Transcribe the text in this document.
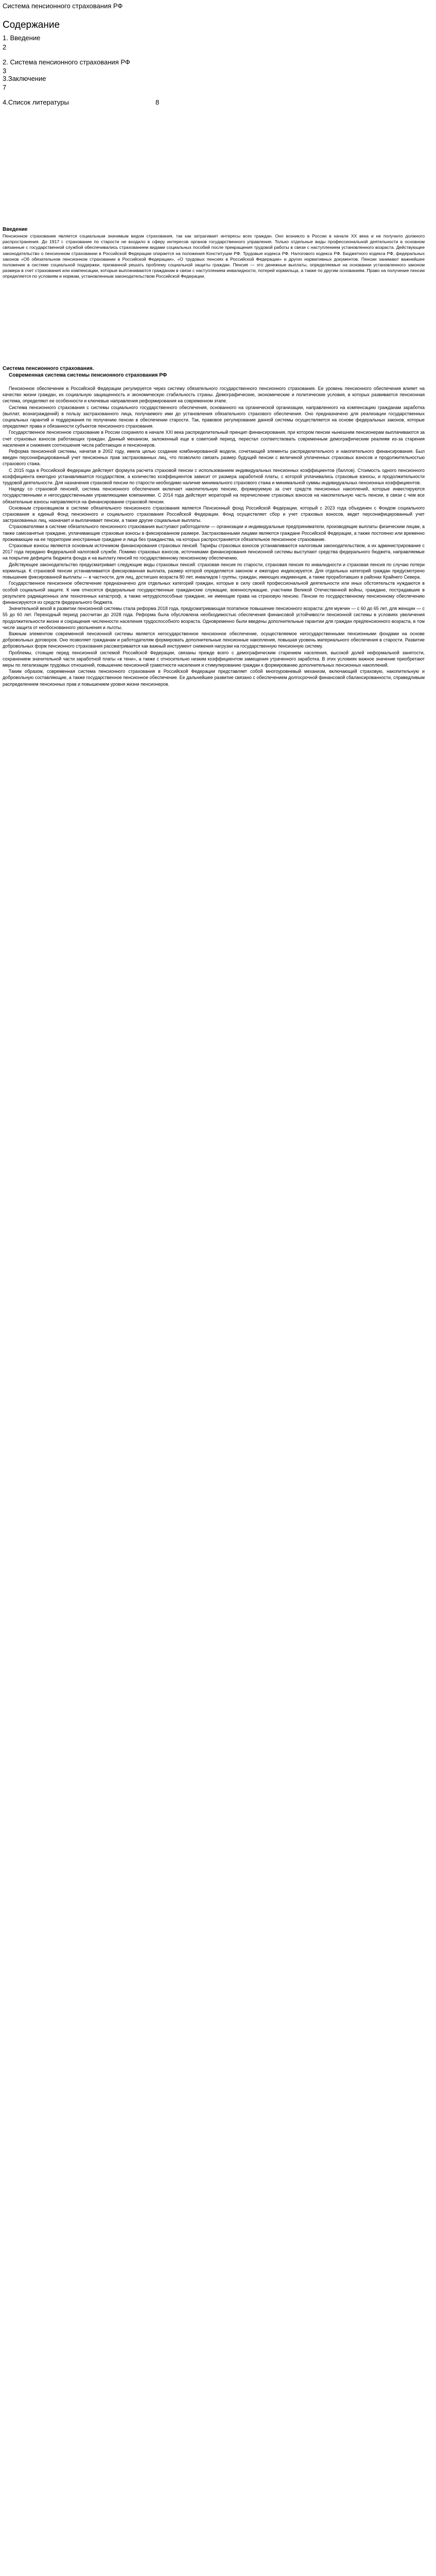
Система пенсионного страхования РФ
Содержание
1. Введение
2
2. Система пенсионного страхования РФ
3
3.Заключение
7
4.Список литературы	8

Введение

Пенсионное страхование является социальным значимым видом страхования, так как затрагивает интересы всех граждан. Оно возникло в России в начале XX века и не получило должного распространения. До 1917 г. страхование по старости не входило в сферу интересов органов государственного управления. Только отдельные виды профессиональной деятельности в основном связанные с государственной службой обеспечивались страхованием видами социальных пособий после прекращения трудовой работы в связи с наступлением установленного возраста. Действующее законодательство о пенсионном страховании в Российской Федерации опирается на положения Конституции РФ. Трудовые кодекса РФ. Налогового кодекса РФ. Бюджетного кодекса РФ, федеральных законов «Об обязательном пенсионном страховании в Российской Федерации», «О трудовых пенсиях в Российской Федерации» и других нормативных документов. Пенсии занимают важнейшее положение в системе социальной поддержки, призванной решать проблему социальной защиты граждан. Пенсия — это денежные выплаты, определяемые на основании установленного законом размера в счет страхования или компенсации, которые выплачиваются гражданам в связи с наступлением инвалидности, потерей кормильца, а также по другим основаниям. Право на получение пенсии определяется по условиям и нормам, установленным законодательством Российской Федерации.

Система пенсионного страхования.

Современная система системы пенсионного страхования РФ

Пенсионное обеспечение в Российской Федерации регулируется через систему обязательного государственного пенсионного страхования. Ее уровень пенсионного обеспечения влияет на качество жизни граждан, их социальную защищенность и экономическую стабильность страны. Демографические, экономические и политические условия, в которых развивается пенсионная система, определяют ее особенности и ключевые направления реформирования на современном этапе.

Система пенсионного страхования с системы социального государственного обеспечения, основанного на органической организации, направленного на компенсацию гражданам заработка (выплат, вознаграждений) в пользу застрахованного лица, получаемого ими до установления обязательного страхового обеспечения. Оно предназначено для реализации государственных социальных гарантий и поддержания по получению пенсии в обеспечении старости. Так, правовое регулирование данной системы осуществляется на основе федеральных законов, которые определяют права и обязанности субъектов пенсионного страхования.

Государственное пенсионное страхование в России сохраняло в начале XXI века распределительный принцип финансирования, при котором пенсии нынешним пенсионерам выплачиваются за счет страховых взносов работающих граждан. Данный механизм, заложенный еще в советский период, перестал соответствовать современным демографическим реалиям из-за старения населения и снижения соотношения числа работающих и пенсионеров.

Реформа пенсионной системы, начатая в 2002 году, имела целью создание комбинированной модели, сочетающей элементы распределительного и накопительного финансирования. Был введен персонифицированный учет пенсионных прав застрахованных лиц, что позволило связать размер будущей пенсии с величиной уплаченных страховых взносов и продолжительностью страхового стажа.

С 2015 года в Российской Федерации действует формула расчета страховой пенсии с использованием индивидуальных пенсионных коэффициентов (баллов). Стоимость одного пенсионного коэффициента ежегодно устанавливается государством, а количество коэффициентов зависит от размера заработной платы, с которой уплачивались страховые взносы, и продолжительности трудовой деятельности. Для назначения страховой пенсии по старости необходимо наличие минимального страхового стажа и минимальной суммы индивидуальных пенсионных коэффициентов.

Наряду со страховой пенсией, система пенсионного обеспечения включает накопительную пенсию, формируемую за счет средств пенсионных накоплений, которые инвестируются государственными и негосударственными управляющими компаниями. С 2014 года действует мораторий на перечисление страховых взносов на накопительную часть пенсии, в связи с чем все обязательные взносы направляются на финансирование страховой пенсии.

Основным страховщиком в системе обязательного пенсионного страхования является Пенсионный фонд Российской Федерации, который с 2023 года объединен с Фондом социального страхования в единый Фонд пенсионного и социального страхования Российской Федерации. Фонд осуществляет сбор и учет страховых взносов, ведет персонифицированный учет застрахованных лиц, назначает и выплачивает пенсии, а также другие социальные выплаты.

Страхователями в системе обязательного пенсионного страхования выступают работодатели — организации и индивидуальные предприниматели, производящие выплаты физическим лицам, а также самозанятые граждане, уплачивающие страховые взносы в фиксированном размере. Застрахованными лицами являются граждане Российской Федерации, а также постоянно или временно проживающие на ее территории иностранные граждане и лица без гражданства, на которых распространяется обязательное пенсионное страхование.

Страховые взносы являются основным источником финансирования страховых пенсий. Тарифы страховых взносов устанавливаются налоговым законодательством, а их администрирование с 2017 года передано Федеральной налоговой службе. Помимо страховых взносов, источниками финансирования пенсионной системы выступают средства федерального бюджета, направляемые на покрытие дефицита бюджета фонда и на выплату пенсий по государственному пенсионному обеспечению.

Действующее законодательство предусматривает следующие виды страховых пенсий: страховая пенсия по старости, страховая пенсия по инвалидности и страховая пенсия по случаю потери кормильца. К страховой пенсии устанавливается фиксированная выплата, размер которой определяется законом и ежегодно индексируется. Для отдельных категорий граждан предусмотрено повышение фиксированной выплаты — в частности, для лиц, достигших возраста 80 лет, инвалидов I группы, граждан, имеющих иждивенцев, а также проработавших в районах Крайнего Севера.

Государственное пенсионное обеспечение предназначено для отдельных категорий граждан, которые в силу своей профессиональной деятельности или иных обстоятельств нуждаются в особой социальной защите. К ним относятся федеральные государственные гражданские служащие, военнослужащие, участники Великой Отечественной войны, граждане, пострадавшие в результате радиационных или техногенных катастроф, а также нетрудоспособные граждане, не имеющие права на страховую пенсию. Пенсии по государственному пенсионному обеспечению финансируются из средств федерального бюджета.

Значительной вехой в развитии пенсионной системы стала реформа 2018 года, предусматривающая поэтапное повышение пенсионного возраста: для мужчин — с 60 до 65 лет, для женщин — с 55 до 60 лет. Переходный период рассчитан до 2028 года. Реформа была обусловлена необходимостью обеспечения финансовой устойчивости пенсионной системы в условиях увеличения продолжительности жизни и сокращения численности населения трудоспособного возраста. Одновременно были введены дополнительные гарантии для граждан предпенсионного возраста, в том числе защита от необоснованного увольнения и льготы.

Важным элементом современной пенсионной системы является негосударственное пенсионное обеспечение, осуществляемое негосударственными пенсионными фондами на основе добровольных договоров. Оно позволяет гражданам и работодателям формировать дополнительные пенсионные накопления, повышая уровень материального обеспечения в старости. Развитие добровольных форм пенсионного страхования рассматривается как важный инструмент снижения нагрузки на государственную пенсионную систему.

Проблемы, стоящие перед пенсионной системой Российской Федерации, связаны прежде всего с демографическим старением населения, высокой долей неформальной занятости, сохранением значительной части заработной платы «в тени», а также с относительно низким коэффициентом замещения утраченного заработка. В этих условиях важное значение приобретают меры по легализации трудовых отношений, повышению пенсионной грамотности населения и стимулированию граждан к формированию дополнительных пенсионных накоплений.

Таким образом, современная система пенсионного страхования в Российской Федерации представляет собой многоуровневый механизм, включающий страховую, накопительную и добровольную составляющие, а также государственное пенсионное обеспечение. Ее дальнейшее развитие связано с обеспечением долгосрочной финансовой сбалансированности, справедливым распределением пенсионных прав и повышением уровня жизни пенсионеров.
